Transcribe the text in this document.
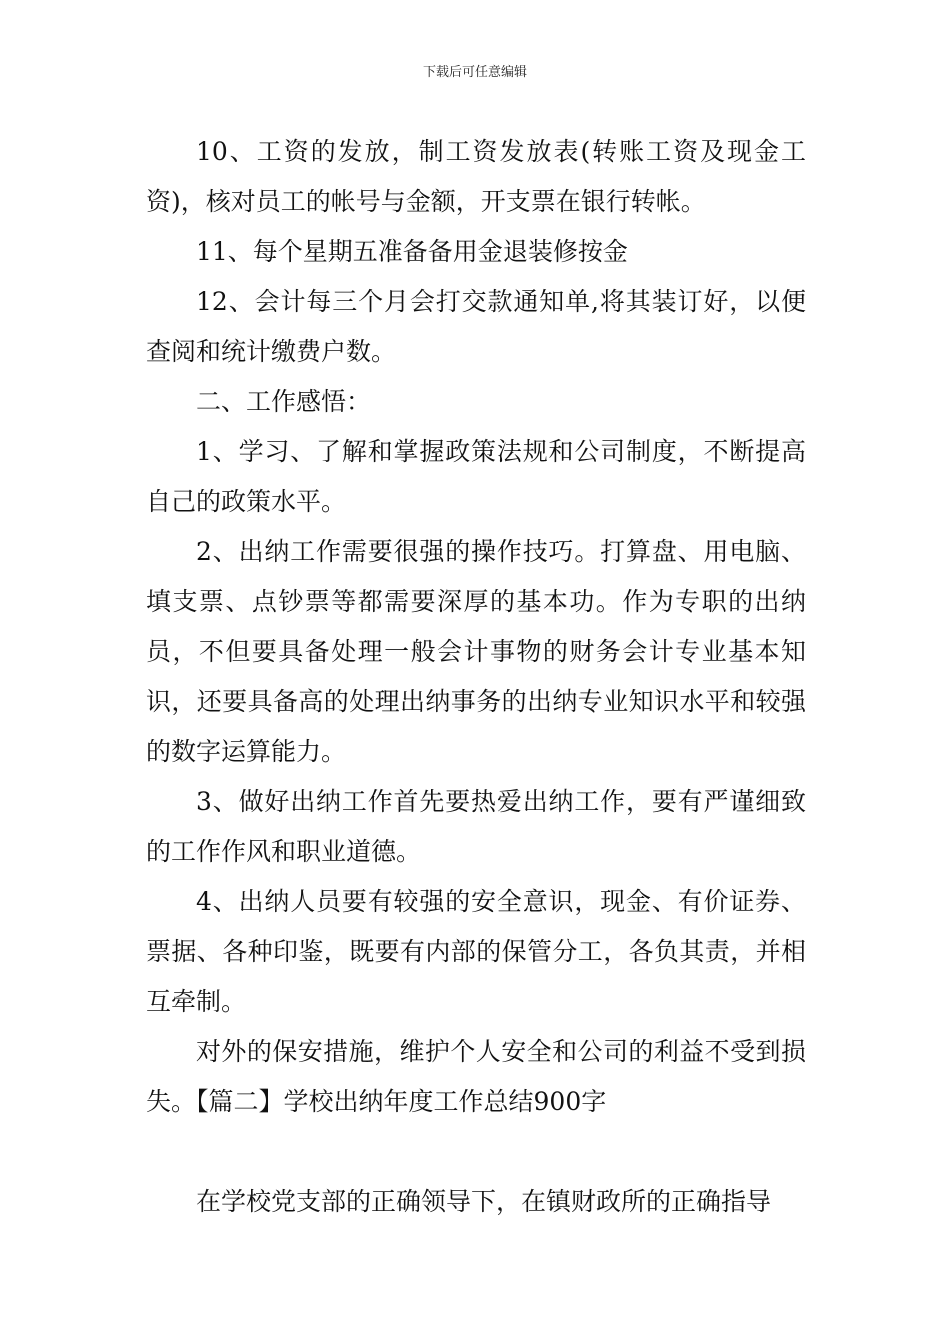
下载后可任意编辑

10、工资的发放，制工资发放表(转账工资及现金工资)，核对员工的帐号与金额，开支票在银行转帐。

11、每个星期五准备备用金退装修按金

12、会计每三个月会打交款通知单,将其装订好，以便查阅和统计缴费户数。

二、工作感悟：

1、学习、了解和掌握政策法规和公司制度，不断提高自己的政策水平。

2、出纳工作需要很强的操作技巧。打算盘、用电脑、填支票、点钞票等都需要深厚的基本功。作为专职的出纳员，不但要具备处理一般会计事物的财务会计专业基本知识，还要具备高的处理出纳事务的出纳专业知识水平和较强的数字运算能力。

3、做好出纳工作首先要热爱出纳工作，要有严谨细致的工作作风和职业道德。

4、出纳人员要有较强的安全意识，现金、有价证券、票据、各种印鉴，既要有内部的保管分工，各负其责，并相互牵制。

对外的保安措施，维护个人安全和公司的利益不受到损失。【篇二】学校出纳年度工作总结900字

在学校党支部的正确领导下，在镇财政所的正确指导
